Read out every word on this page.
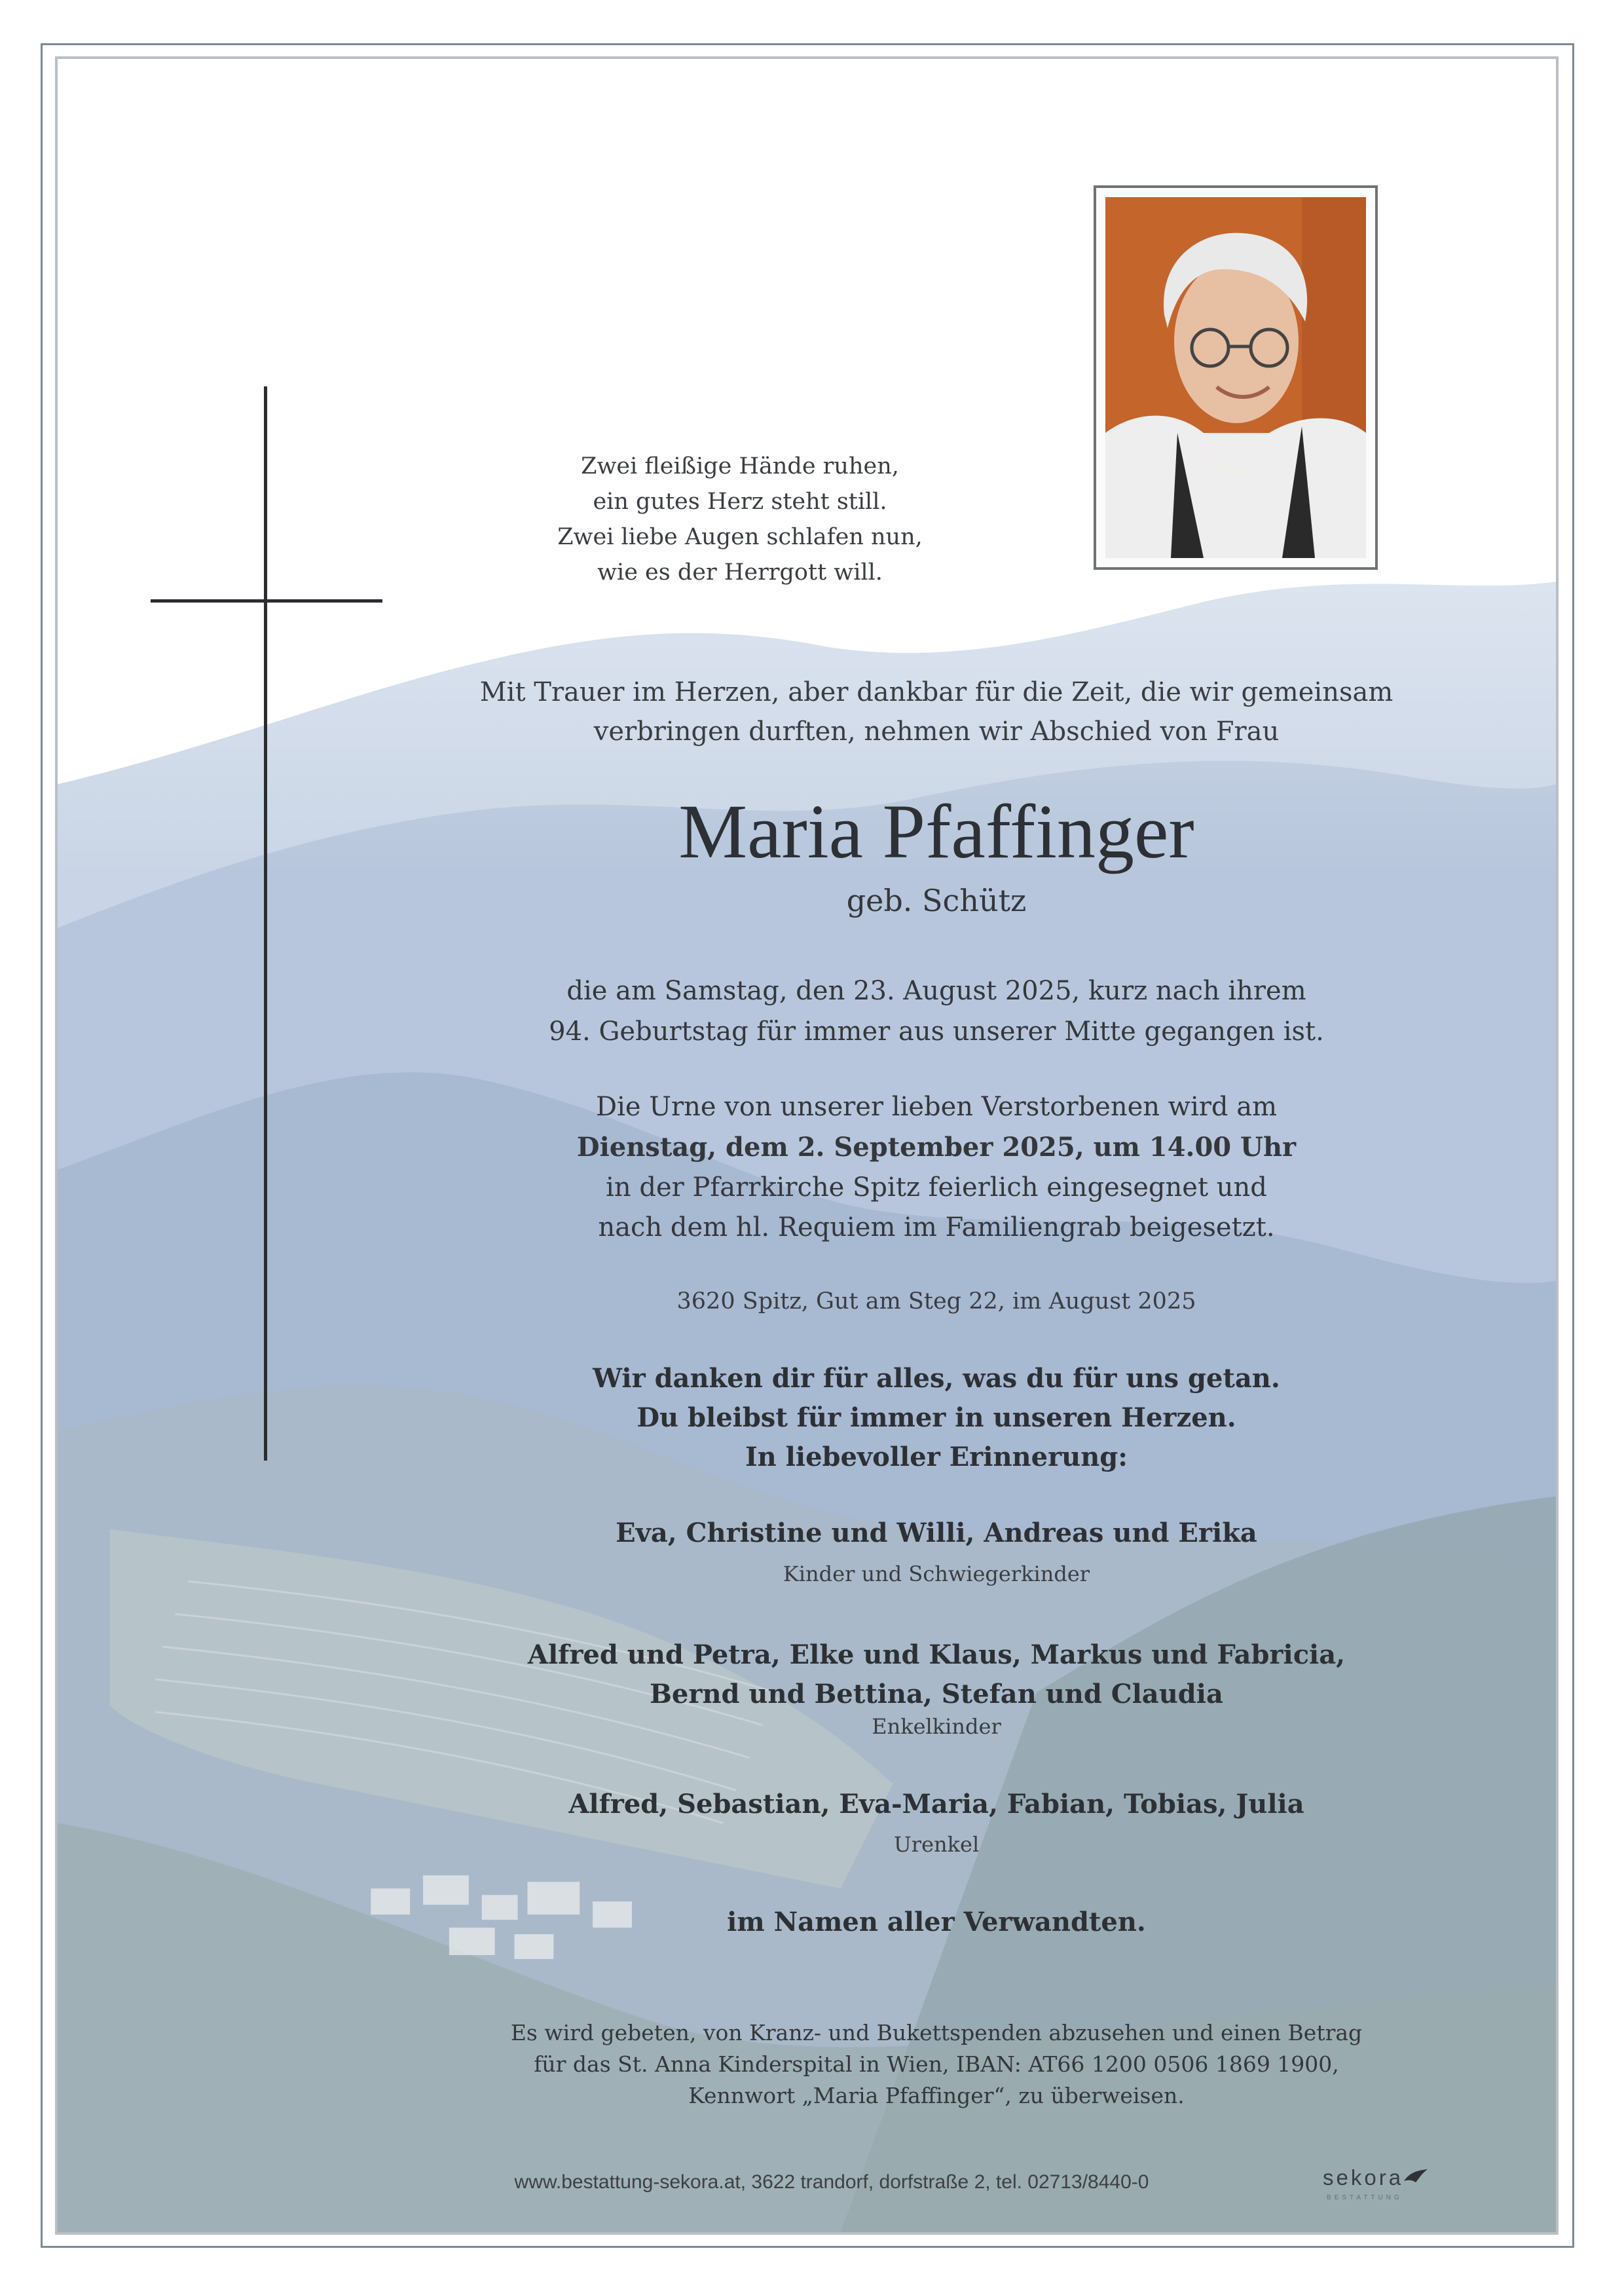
Zwei fleißige Hände ruhen,
ein gutes Herz steht still.
Zwei liebe Augen schlafen nun,
wie es der Herrgott will.
Mit Trauer im Herzen, aber dankbar für die Zeit, die wir gemeinsam
verbringen durften, nehmen wir Abschied von Frau
Maria Pfaffinger
geb. Schütz
die am Samstag, den 23. August 2025, kurz nach ihrem
94. Geburtstag für immer aus unserer Mitte gegangen ist.
Die Urne von unserer lieben Verstorbenen wird am
Dienstag, dem 2. September 2025, um 14.00 Uhr
in der Pfarrkirche Spitz feierlich eingesegnet und
nach dem hl. Requiem im Familiengrab beigesetzt.
3620 Spitz, Gut am Steg 22, im August 2025
Wir danken dir für alles, was du für uns getan.
Du bleibst für immer in unseren Herzen.
In liebevoller Erinnerung:
Eva, Christine und Willi, Andreas und Erika
Kinder und Schwiegerkinder
Alfred und Petra, Elke und Klaus, Markus und Fabricia,
Bernd und Bettina, Stefan und Claudia
Enkelkinder
Alfred, Sebastian, Eva-Maria, Fabian, Tobias, Julia
Urenkel
im Namen aller Verwandten.
Es wird gebeten, von Kranz- und Bukettspenden abzusehen und einen Betrag
für das St. Anna Kinderspital in Wien, IBAN: AT66 1200 0506 1869 1900,
Kennwort „Maria Pfaffinger“, zu überweisen.
www.bestattung-sekora.at, 3622 trandorf, dorfstraße 2, tel. 02713/8440-0	sekora
BESTATTUNG
